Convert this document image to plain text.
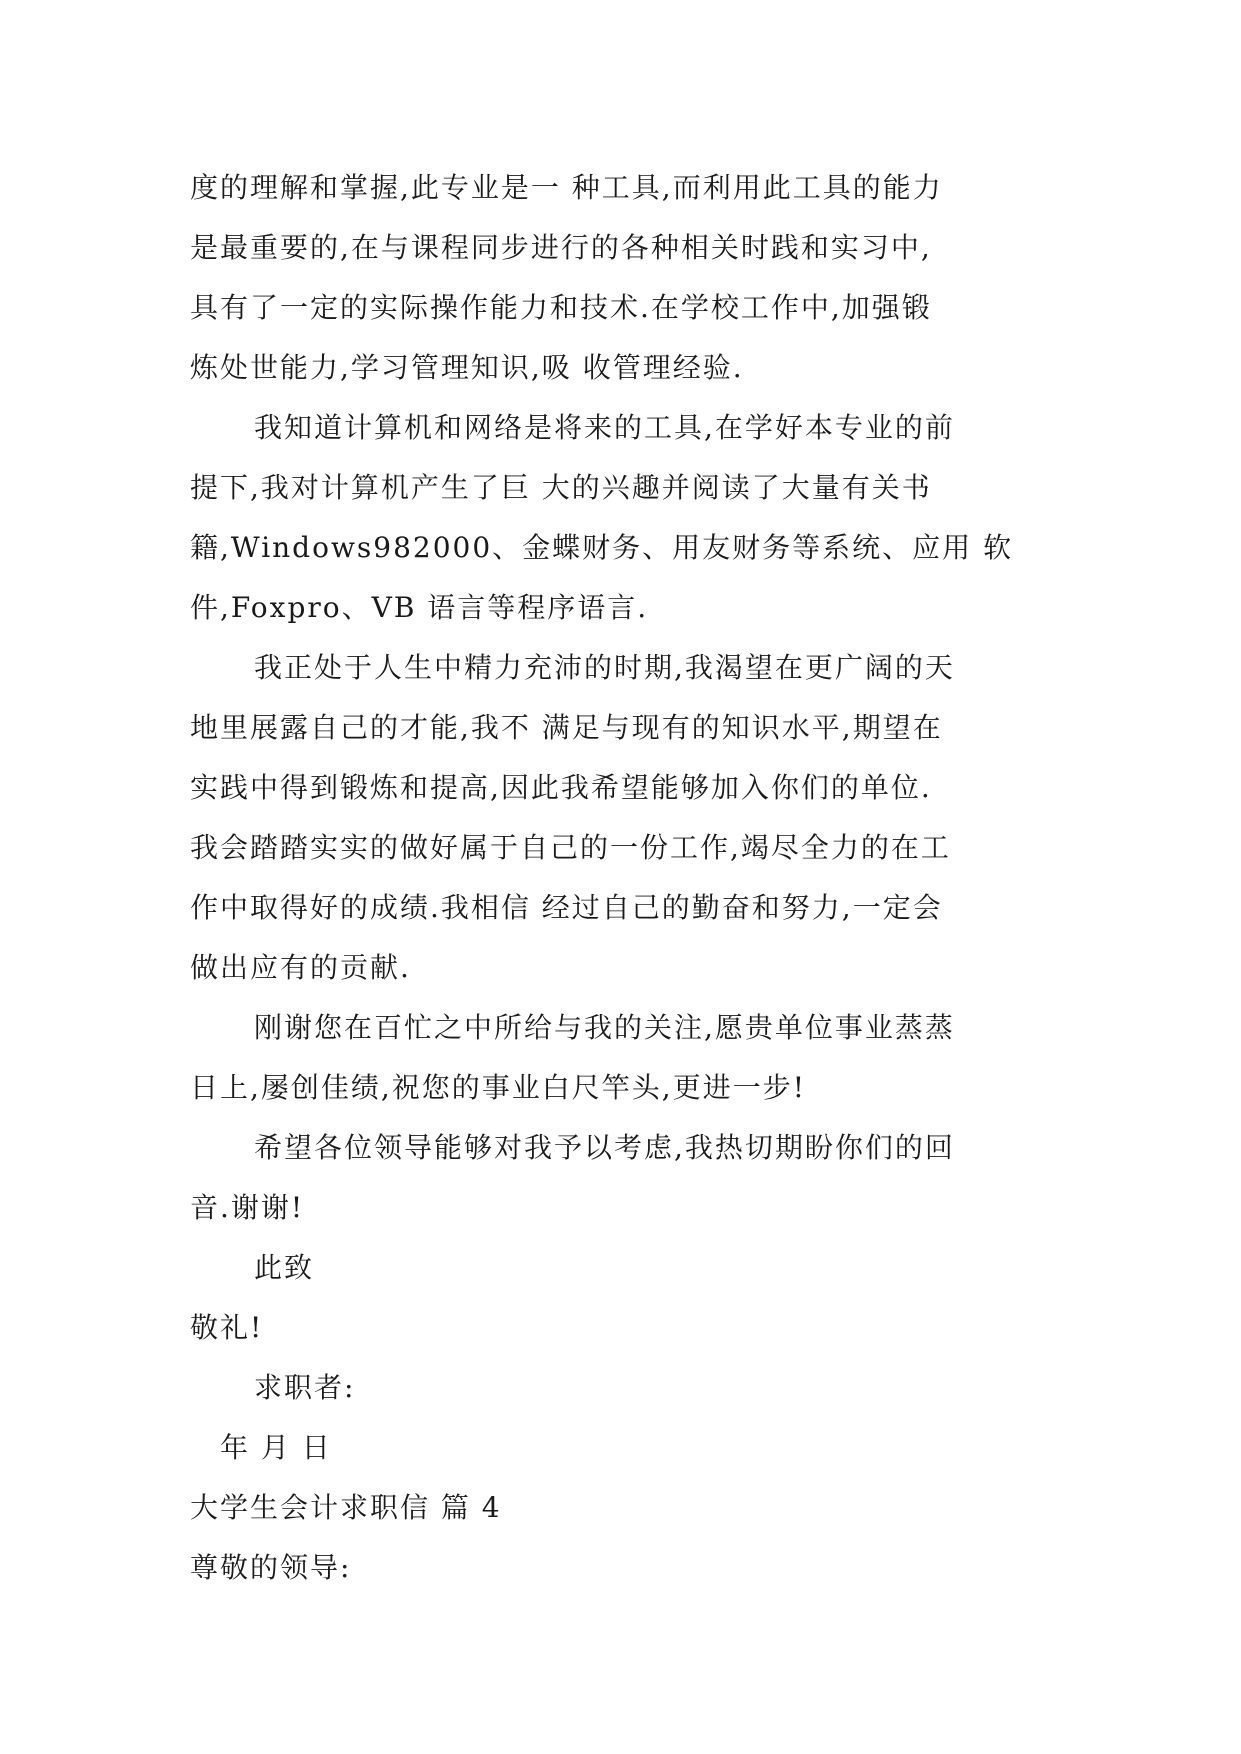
度的理解和掌握,此专业是一 种工具,而利用此工具的能力
是最重要的,在与课程同步进行的各种相关时践和实习中,
具有了一定的实际操作能力和技术.在学校工作中,加强锻
炼处世能力,学习管理知识,吸 收管理经验.
我知道计算机和网络是将来的工具,在学好本专业的前
提下,我对计算机产生了巨 大的兴趣并阅读了大量有关书
籍,Windows982000、金蝶财务、用友财务等系统、应用 软
件,Foxpro、VB 语言等程序语言.
我正处于人生中精力充沛的时期,我渴望在更广阔的天
地里展露自己的才能,我不 满足与现有的知识水平,期望在
实践中得到锻炼和提高,因此我希望能够加入你们的单位.
我会踏踏实实的做好属于自己的一份工作,竭尽全力的在工
作中取得好的成绩.我相信 经过自己的勤奋和努力,一定会
做出应有的贡献.
刚谢您在百忙之中所给与我的关注,愿贵单位事业蒸蒸
日上,屡创佳绩,祝您的事业白尺竿头,更进一步!
希望各位领导能够对我予以考虑,我热切期盼你们的回
音.谢谢!
此致
敬礼!
求职者:
年 月 日
大学生会计求职信 篇 4
尊敬的领导:
